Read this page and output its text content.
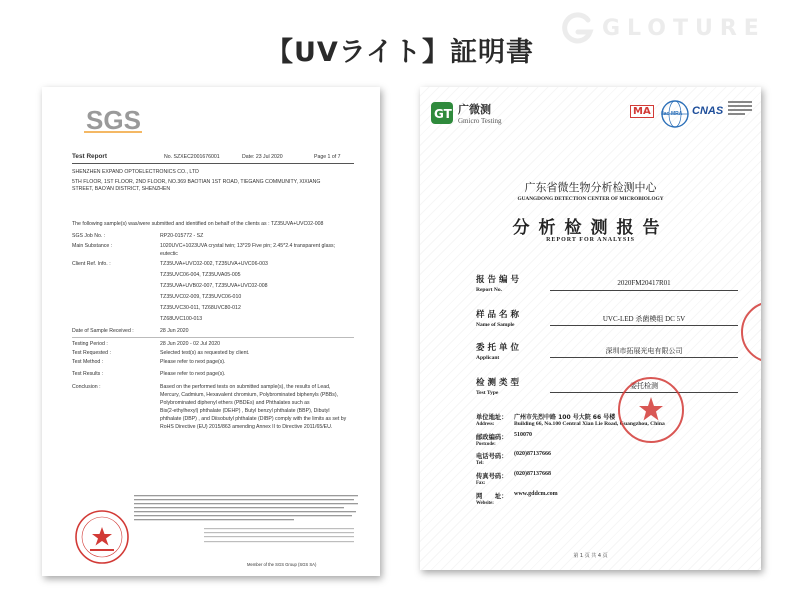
【UVライト】証明書
GLOTURE
SGS
Test Report	No. SZXEC2001676001	Date: 23 Jul 2020	Page 1 of 7
SHENZHEN EXPAND OPTOELECTRONICS CO., LTD
5TH FLOOR, 1ST FLOOR, 2ND FLOOR, NO.369 BAOTIAN 1ST ROAD, TIEGANG COMMUNITY, XIXIANG
STREET, BAO'AN DISTRICT, SHENZHEN
The following sample(s) was/were submitted and identified on behalf of the clients as : TZ35UVA+UVC02-008
SGS Job No. :	RP20-015772 - SZ
Main Substance :	1020UVC+1023UVA crystal twin; 13*29 Five pin; 2.45*2.4 transparent glass;
eutectic
Client Ref. Info. :	TZ35UVA+UVC02-002, TZ35UVA+UVC06-003
TZ35UVC06-004, TZ35UVA05-005
TZ35UVA+UVB02-007, TZ35UVA+UVC02-008
TZ35UVC02-009, TZ35UVC06-010
TZ35UVC30-011, TZ68UVC80-012
TZ68UVC100-013
Date of Sample Received :	28 Jun 2020
Testing Period :	28 Jun 2020 - 02 Jul 2020
Test Requested :	Selected test(s) as requested by client.
Test Method :	Please refer to next page(s).
Test Results :	Please refer to next page(s).
Conclusion :	Based on the performed tests on submitted sample(s), the results of Lead,
Mercury, Cadmium, Hexavalent chromium, Polybrominated biphenyls (PBBs),
Polybrominated diphenyl ethers (PBDEs) and Phthalates such as
Bis(2-ethylhexyl) phthalate (DEHP) , Butyl benzyl phthalate (BBP), Dibutyl
phthalate (DBP) , and Diisobutyl phthalate (DIBP) comply with the limits as set by
RoHS Directive (EU) 2015/863 amending Annex II to Directive 2011/65/EU.
Member of the SGS Group (SGS SA)
GT 广微测
Gmicro Testing
MA	ilac-MRA CNAS
广东省微生物分析检测中心
GUANGDONG DETECTION CENTER OF MICROBIOLOGY
分析检测报告
REPORT FOR ANALYSIS
报告编号
Report No.
2020FM20417R01
样品名称
Name of Sample
UVC-LED 杀菌模组 DC 5V
委托单位
Applicant
深圳市拓展光电有限公司
检测类型
Test Type
委托检测
单位地址： 广州市先烈中路 100 号大院 66 号楼
Address:	Building 66, No.100 Central Xian Lie Road, Guangzhou, China
邮政编码： 510070
Postcode:
电话号码： (020)87137666
Tel:
传真号码： (020)87137668
Fax:
网　　址： www.gddcm.com
Website:
第 1 页 共 4 页
